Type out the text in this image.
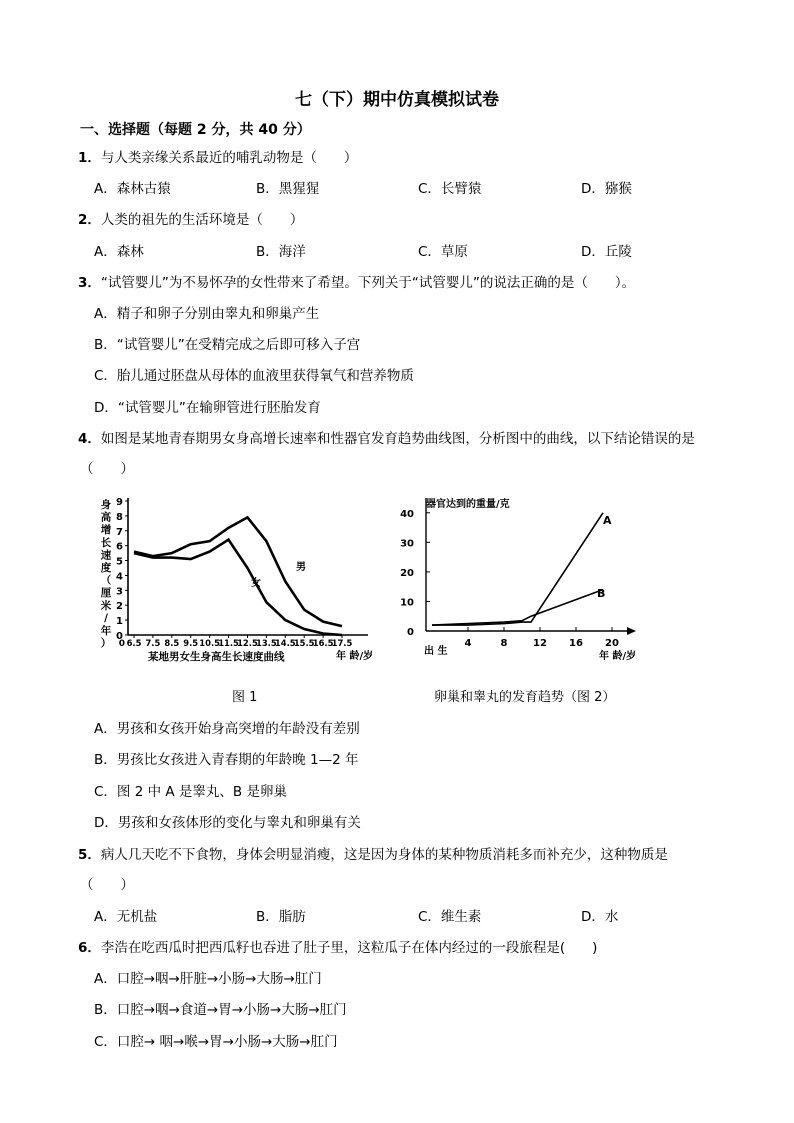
七（下）期中仿真模拟试卷
一、选择题（每题 2 分，共 40 分）
1．与人类亲缘关系最近的哺乳动物是（　　）
A．森林古猿	B．黑猩猩	C．长臂猿	D．猕猴
2．人类的祖先的生活环境是（　　）
A．森林	B．海洋	C．草原	D．丘陵
3．“试管婴儿”为不易怀孕的女性带来了希望。下列关于“试管婴儿”的说法正确的是（　　）。
A．精子和卵子分别由睾丸和卵巢产生
B．“试管婴儿”在受精完成之后即可移入子宫
C．胎儿通过胚盘从母体的血液里获得氧气和营养物质
D．“试管婴儿”在输卵管进行胚胎发育
4．如图是某地青春期男女身高增长速率和性器官发育趋势曲线图，分析图中的曲线，以下结论错误的是
（　　）
身
高
增
长
速
度
（
厘
米
/
年
）
0
1
2
3
4
5
6
7
8
9
6.5 7.5 8.5 9.5 10.5
11.5
12.5
13.5
14.5
15.5
16.5
17.5
0
男
女
某地男女生身高生长速度曲线	年 龄/岁
图 1
器官达到的重量/克
0
10
20
30
40
4	8	12 16 20
A
B
出 生	年 龄/岁
卵巢和睾丸的发育趋势（图 2）
A．男孩和女孩开始身高突增的年龄没有差别
B．男孩比女孩进入青春期的年龄晚 1—2 年
C．图 2 中 A 是睾丸、B 是卵巢
D．男孩和女孩体形的变化与睾丸和卵巢有关
5．病人几天吃不下食物，身体会明显消瘦，这是因为身体的某种物质消耗多而补充少，这种物质是
（　　）
A．无机盐	B．脂肪	C．维生素	D．水
6．李浩在吃西瓜时把西瓜籽也吞进了肚子里，这粒瓜子在体内经过的一段旅程是(　　)
A．口腔→咽→肝脏→小肠→大肠→肛门
B．口腔→咽→食道→胃→小肠→大肠→肛门
C．口腔→ 咽→喉→胃→小肠→大肠→肛门
